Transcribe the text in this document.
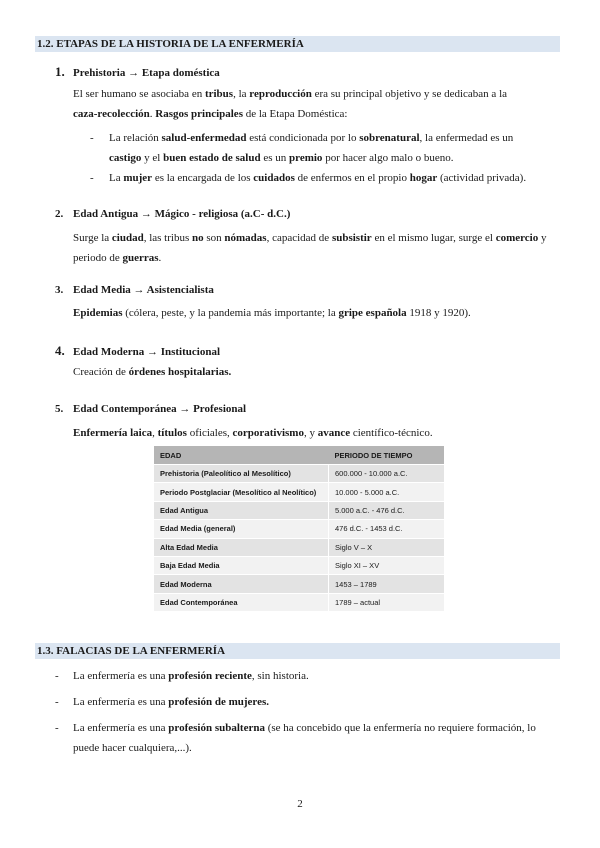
1.2. ETAPAS DE LA HISTORIA DE LA ENFERMERÍA
1. Prehistoria → Etapa doméstica

El ser humano se asociaba en tribus, la reproducción era su principal objetivo y se dedicaban a la

caza-recolección. Rasgos principales de la Etapa Doméstica:

- La relación salud-enfermedad está condicionada por lo sobrenatural, la enfermedad es un
castigo y el buen estado de salud es un premio por hacer algo malo o bueno.
- La mujer es la encargada de los cuidados de enfermos en el propio hogar (actividad privada).
2. Edad Antigua → Mágico - religiosa (a.C- d.C.)

Surge la ciudad, las tribus no son nómadas, capacidad de subsistir en el mismo lugar, surge el comercio y

periodo de guerras.

3. Edad Media → Asistencialista

Epidemias (cólera, peste, y la pandemia más importante; la gripe española 1918 y 1920).

4. Edad Moderna → Institucional

Creación de órdenes hospitalarias.

5. Edad Contemporánea → Profesional

Enfermería laica, títulos oficiales, corporativismo, y avance científico-técnico.

EDAD	PERIODO DE TIEMPO
Prehistoria (Paleolítico al Mesolítico)	600.000 - 10.000 a.C.
Periodo Postglaciar (Mesolítico al Neolítico)	10.000 - 5.000 a.C.
Edad Antigua	5.000 a.C. - 476 d.C.
Edad Media (general)	476 d.C. - 1453 d.C.
Alta Edad Media	Siglo V – X
Baja Edad Media	Siglo XI – XV
Edad Moderna	1453 – 1789
Edad Contemporánea	1789 – actual
1.3. FALACIAS DE LA ENFERMERÍA
- La enfermería es una profesión reciente, sin historia.
- La enfermería es una profesión de mujeres.
- La enfermería es una profesión subalterna (se ha concebido que la enfermería no requiere formación, lo
puede hacer cualquiera,...).
2
